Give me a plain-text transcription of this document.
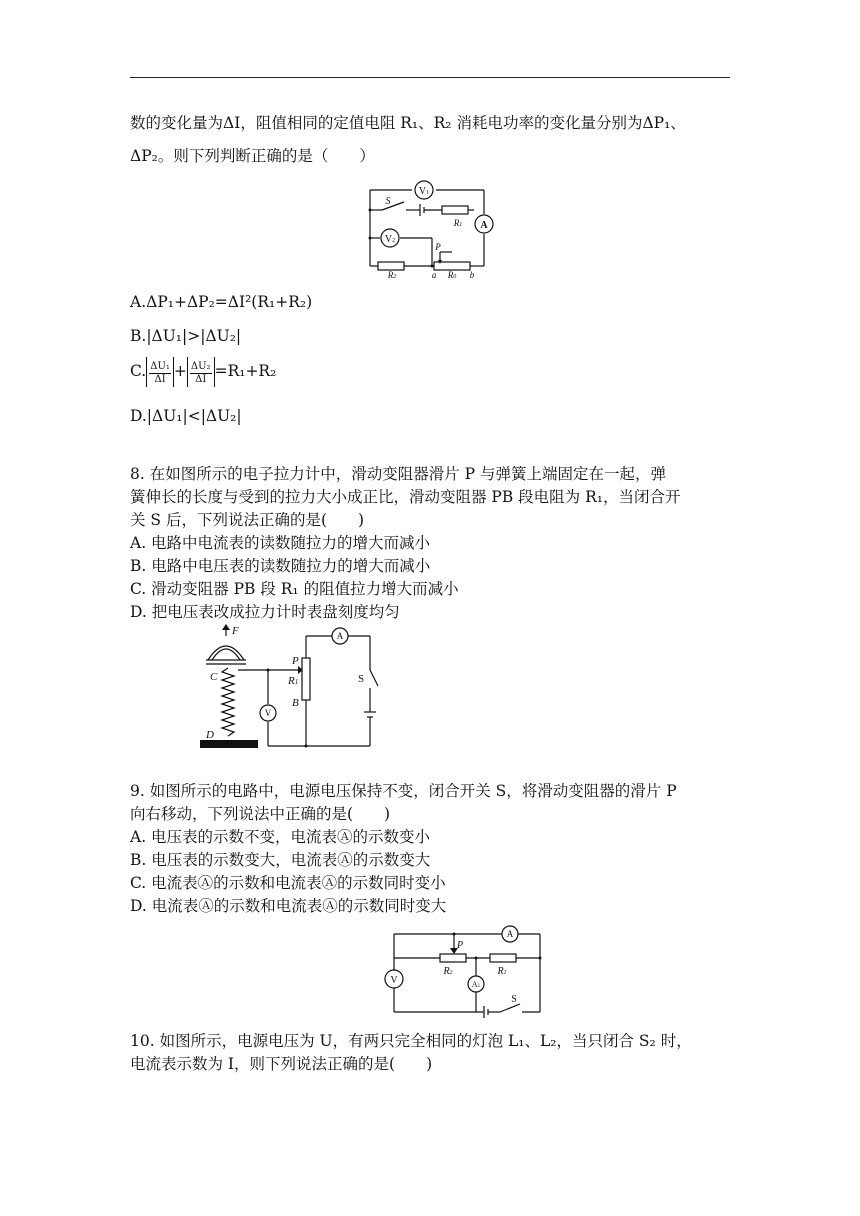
数的变化量为ΔI，阻值相同的定值电阻 R₁、R₂ 消耗电功率的变化量分别为ΔP₁、
ΔP₂。则下列判断正确的是（　　）
V1
A
V2
S
R1
P
R2	a R0 b
A.ΔP₁+ΔP₂=ΔI²(R₁+R₂)
B.|ΔU₁|>|ΔU₂|
C. $\frac{\text{ΔU₁}}{\Delta I} + \frac{\text{ΔU₂}}{\Delta I} =R_1+R_2$
D.|ΔU₁|<|ΔU₂|
8. 在如图所示的电子拉力计中，滑动变阻器滑片 P 与弹簧上端固定在一起，弹
簧伸长的长度与受到的拉力大小成正比，滑动变阻器 PB 段电阻为 R₁，当闭合开
关 S 后，下列说法正确的是(　　)
A. 电路中电流表的读数随拉力的增大而减小
B. 电路中电压表的读数随拉力的增大而减小
C. 滑动变阻器 PB 段 R₁ 的阻值拉力增大而减小
D. 把电压表改成拉力计时表盘刻度均匀
F
C
P
R1
B
D
S
A
V
9. 如图所示的电路中，电源电压保持不变，闭合开关 S，将滑动变阻器的滑片 P
向右移动，下列说法中正确的是(　　)
A. 电压表的示数不变，电流表Ⓐ的示数变小
B. 电压表的示数变大，电流表Ⓐ的示数变大
C. 电流表Ⓐ的示数和电流表Ⓐ的示数同时变小
D. 电流表Ⓐ的示数和电流表Ⓐ的示数同时变大
A
P
R2	R1
V	A1
S
10. 如图所示，电源电压为 U，有两只完全相同的灯泡 L₁、L₂，当只闭合 S₂ 时，
电流表示数为 I，则下列说法正确的是(　　)
